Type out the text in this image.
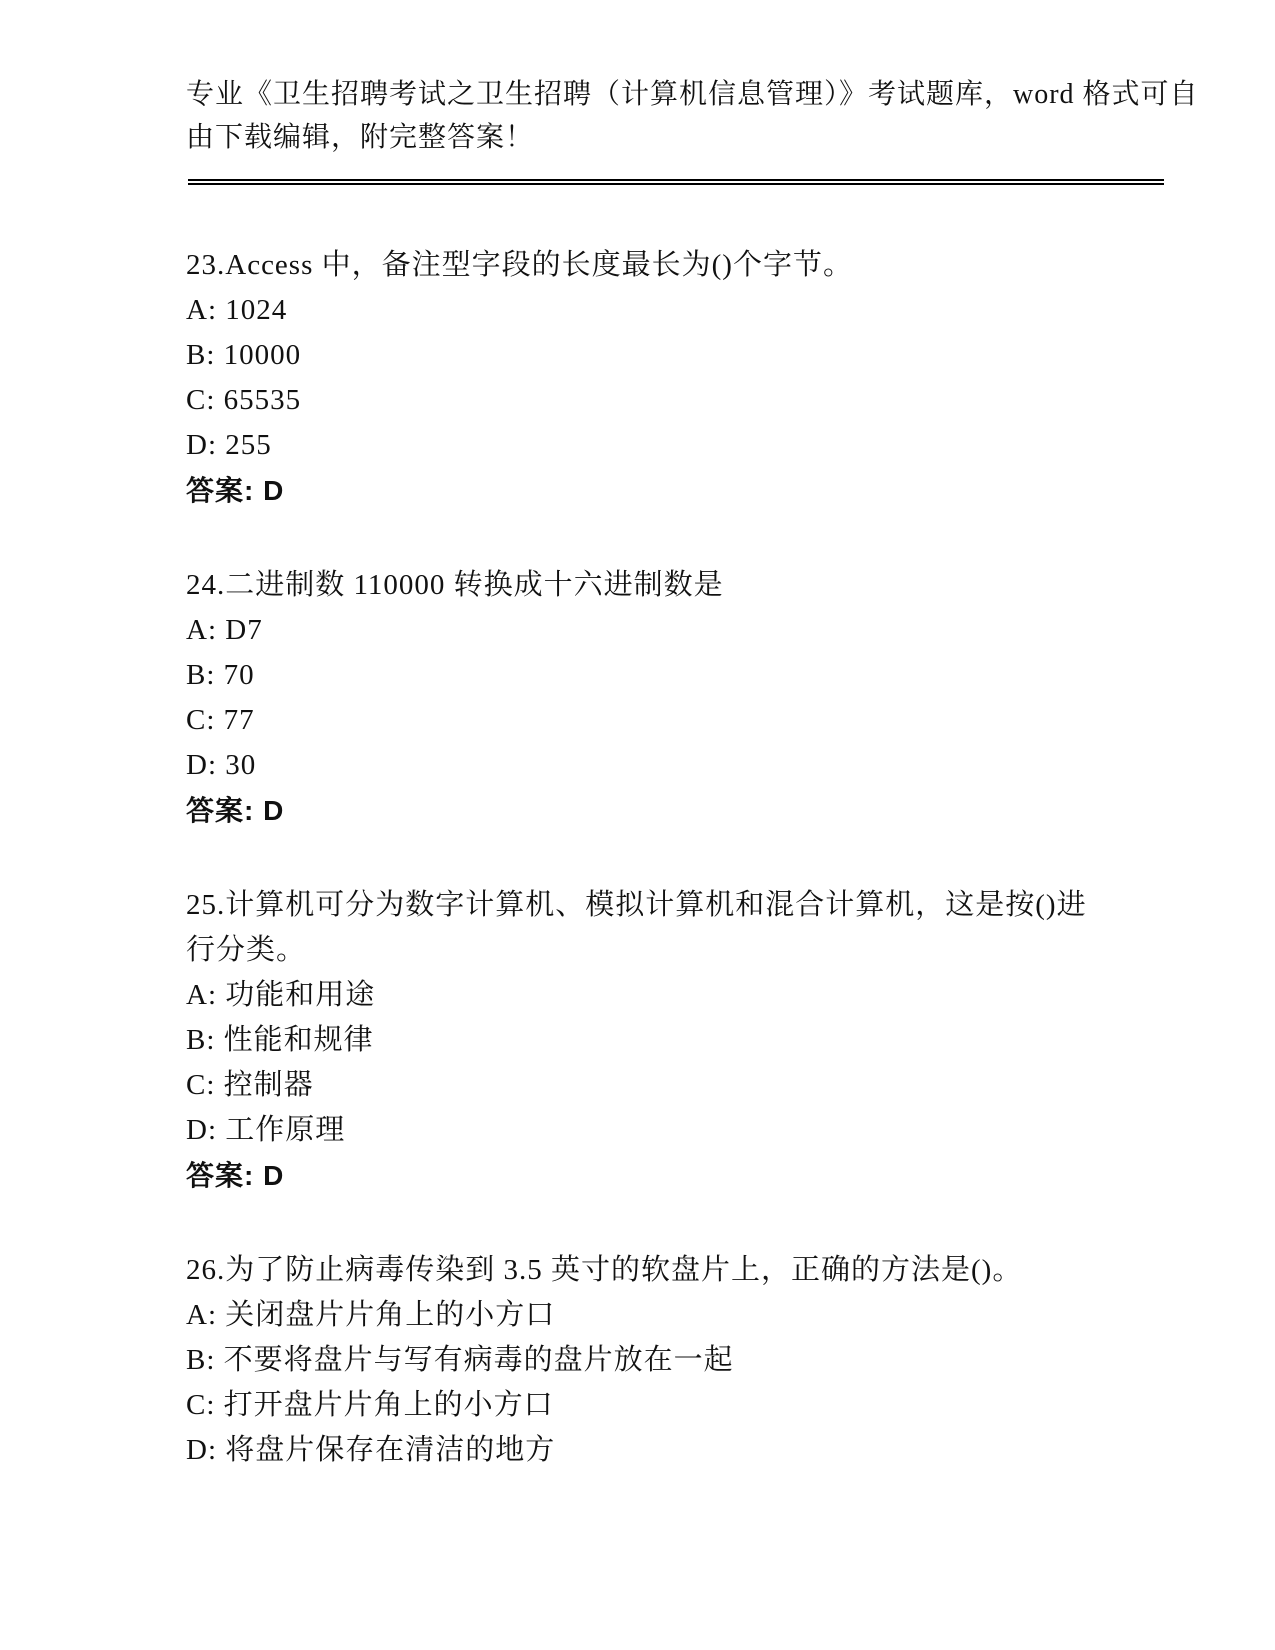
专业《卫生招聘考试之卫生招聘（计算机信息管理）》考试题库，word 格式可自
由下载编辑，附完整答案！
23.Access 中，备注型字段的长度最长为()个字节。
A: 1024
B: 10000
C: 65535
D: 255
答案: D
24.二进制数 110000 转换成十六进制数是
A: D7
B: 70
C: 77
D: 30
答案: D
25.计算机可分为数字计算机、模拟计算机和混合计算机，这是按()进
行分类。
A: 功能和用途
B: 性能和规律
C: 控制器
D: 工作原理
答案: D
26.为了防止病毒传染到 3.5 英寸的软盘片上，正确的方法是()。
A: 关闭盘片片角上的小方口
B: 不要将盘片与写有病毒的盘片放在一起
C: 打开盘片片角上的小方口
D: 将盘片保存在清洁的地方
